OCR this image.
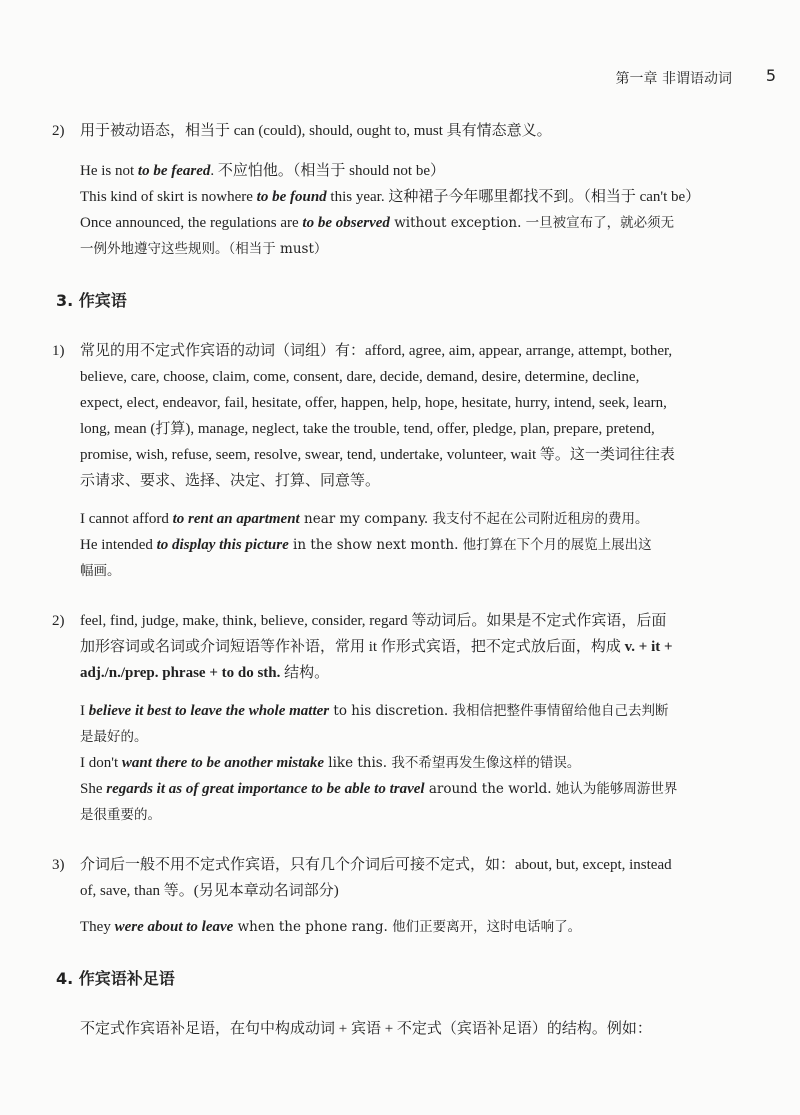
第一章 非谓语动词 5
2) 用于被动语态，相当于 can (could), should, ought to, must 具有情态意义。
He is not to be feared. 不应怕他。（相当于 should not be）
This kind of skirt is nowhere to be found this year. 这种裙子今年哪里都找不到。（相当于 can't be）
Once announced, the regulations are to be observed without exception. 一旦被宣布了，就必须无
一例外地遵守这些规则。（相当于 must）
3. 作宾语
1) 常见的用不定式作宾语的动词（词组）有：afford, agree, aim, appear, arrange, attempt, bother,
believe, care, choose, claim, come, consent, dare, decide, demand, desire, determine, decline,
expect, elect, endeavor, fail, hesitate, offer, happen, help, hope, hesitate, hurry, intend, seek, learn,
long, mean (打算), manage, neglect, take the trouble, tend, offer, pledge, plan, prepare, pretend,
promise, wish, refuse, seem, resolve, swear, tend, undertake, volunteer, wait 等。这一类词往往表
示请求、要求、选择、决定、打算、同意等。
I cannot afford to rent an apartment near my company. 我支付不起在公司附近租房的费用。
He intended to display this picture in the show next month. 他打算在下个月的展览上展出这
幅画。
2) feel, find, judge, make, think, believe, consider, regard 等动词后。如果是不定式作宾语，后面
加形容词或名词或介词短语等作补语，常用 it 作形式宾语，把不定式放后面，构成 v. + it +
adj./n./prep. phrase + to do sth. 结构。
I believe it best to leave the whole matter to his discretion. 我相信把整件事情留给他自己去判断
是最好的。
I don't want there to be another mistake like this. 我不希望再发生像这样的错误。
She regards it as of great importance to be able to travel around the world. 她认为能够周游世界
是很重要的。
3) 介词后一般不用不定式作宾语，只有几个介词后可接不定式，如：about, but, except, instead
of, save, than 等。(另见本章动名词部分)
They were about to leave when the phone rang. 他们正要离开，这时电话响了。
4. 作宾语补足语
不定式作宾语补足语，在句中构成动词 + 宾语 + 不定式（宾语补足语）的结构。例如：
